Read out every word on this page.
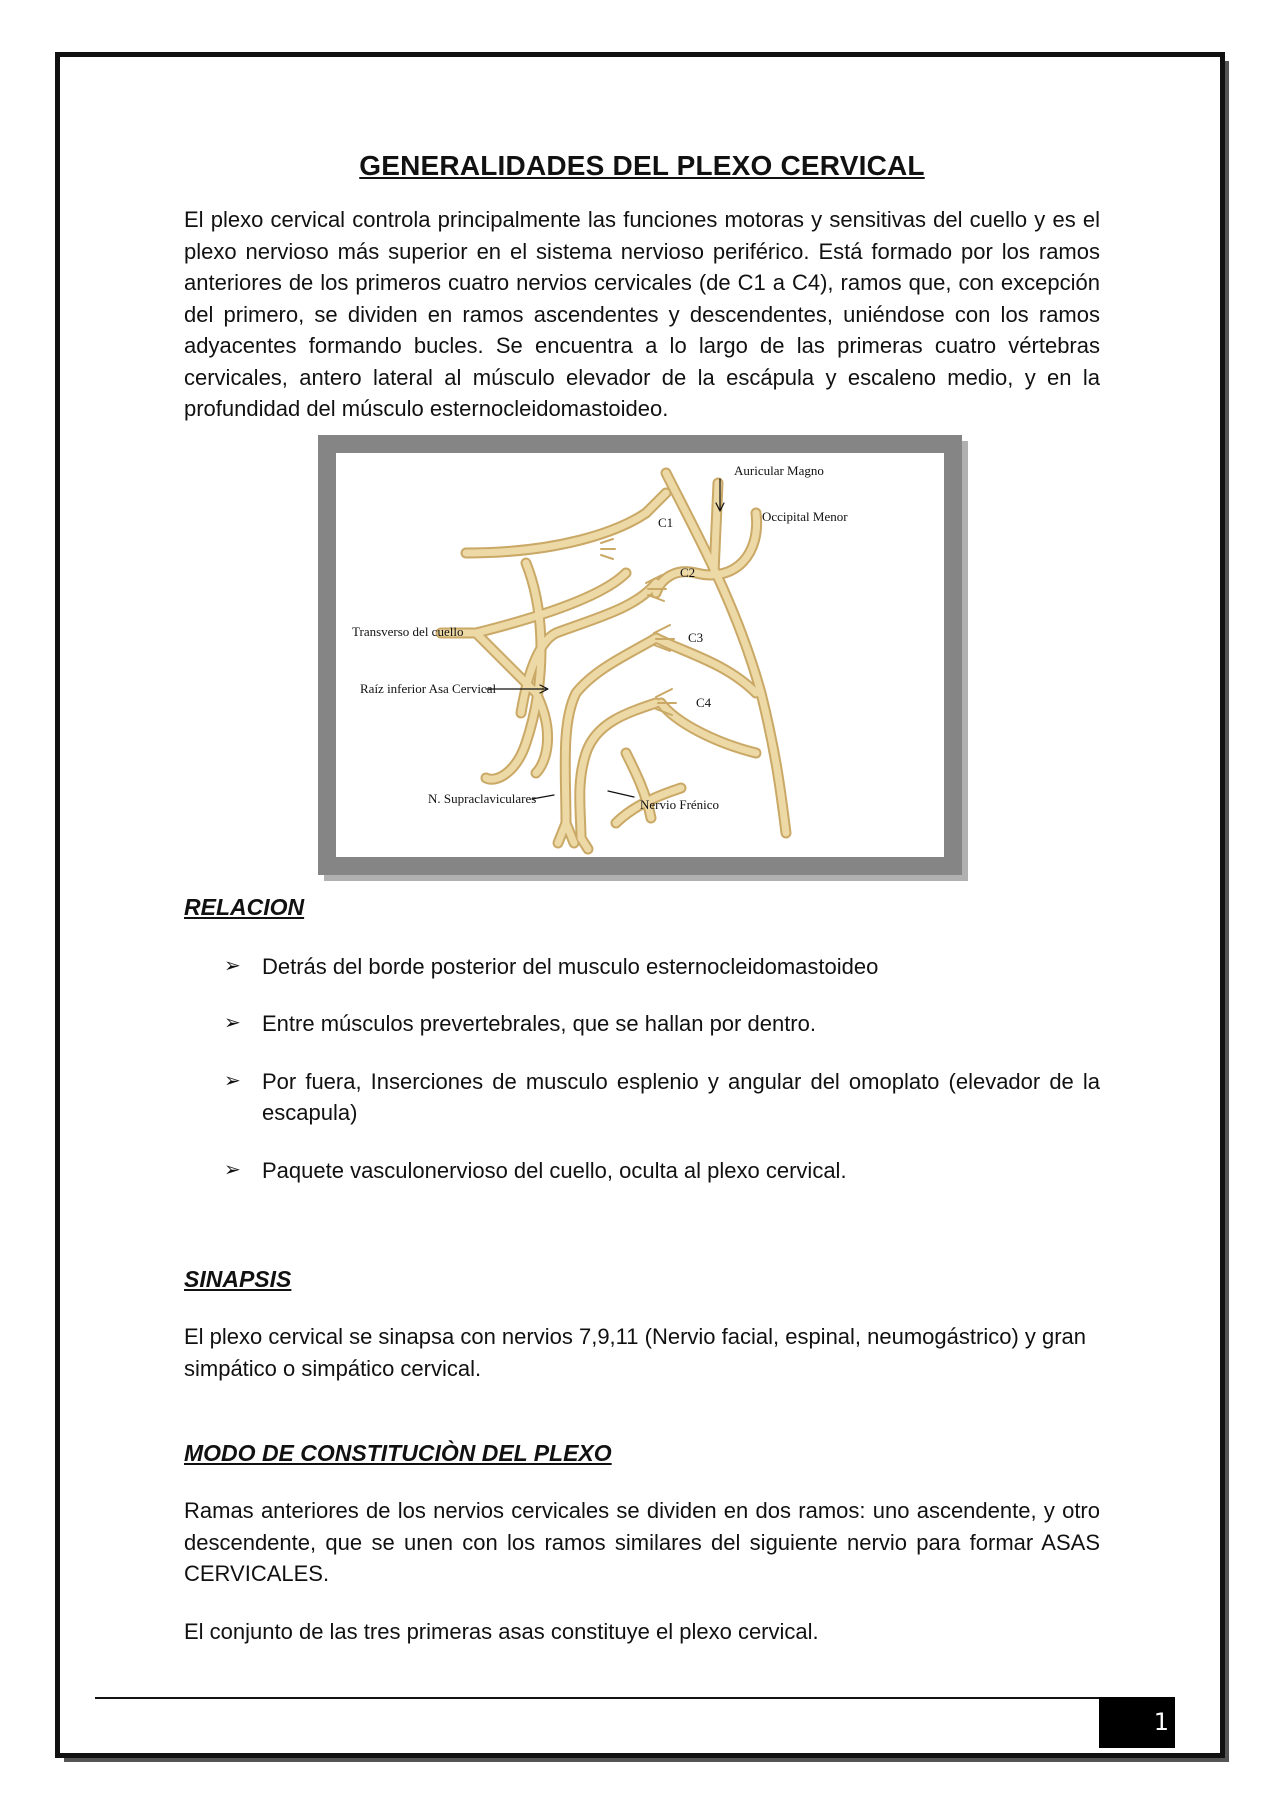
GENERALIDADES DEL PLEXO CERVICAL

El plexo cervical controla principalmente las funciones motoras y sensitivas del cuello y es el plexo nervioso más superior en el sistema nervioso periférico. Está formado por los ramos anteriores de los primeros cuatro nervios cervicales (de C1 a C4), ramos que, con excepción del primero, se dividen en ramos ascendentes y descendentes, uniéndose con los ramos adyacentes formando bucles. Se encuentra a lo largo de las primeras cuatro vértebras cervicales, antero lateral al músculo elevador de la escápula y escaleno medio, y en la profundidad del músculo esternocleidomastoideo.

Auricular Magno
Occipital Menor
C1
C2
C3
C4
Transverso del cuello
Raíz inferior Asa Cervical
N. Supraclaviculares	Nervio Frénico
RELACION
➢ Detrás del borde posterior del musculo esternocleidomastoideo
➢ Entre músculos prevertebrales, que se hallan por dentro.
➢ Por fuera, Inserciones de musculo esplenio y angular del omoplato (elevador de la escapula)
➢ Paquete vasculonervioso del cuello, oculta al plexo cervical.
SINAPSIS

El plexo cervical se sinapsa con nervios 7,9,11 (Nervio facial, espinal, neumogástrico) y gran simpático o simpático cervical.

MODO DE CONSTITUCIÒN DEL PLEXO

Ramas anteriores de los nervios cervicales se dividen en dos ramos: uno ascendente, y otro descendente, que se unen con los ramos similares del siguiente nervio para formar ASAS CERVICALES.

El conjunto de las tres primeras asas constituye el plexo cervical.

1
